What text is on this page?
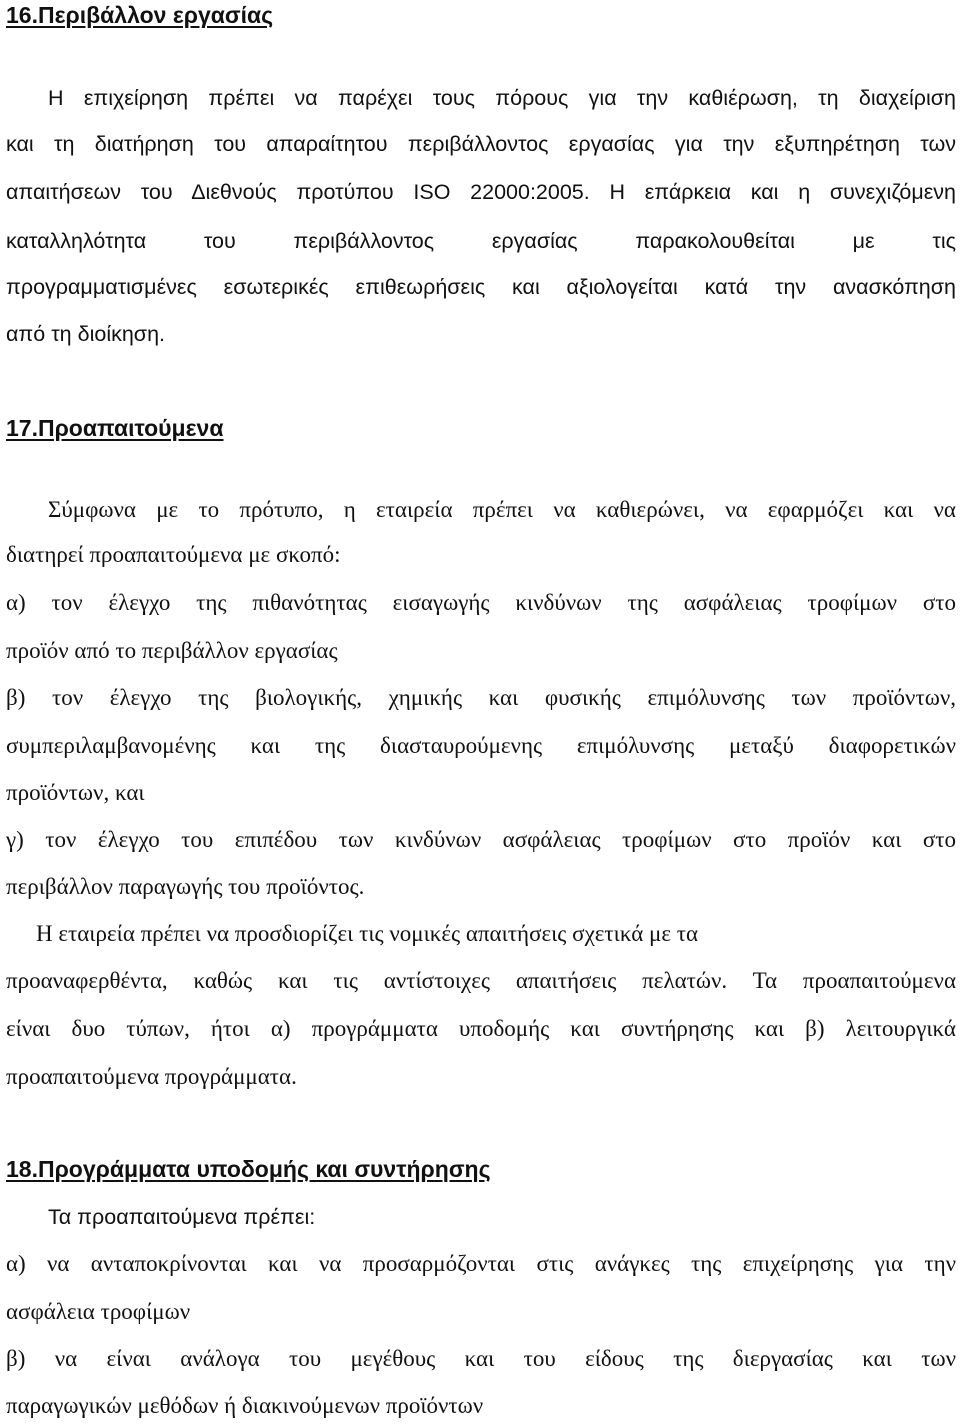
16.Περιβάλλον εργασίας
Η επιχείρηση πρέπει να παρέχει τους πόρους για την καθιέρωση, τη διαχείριση
και τη διατήρηση του απαραίτητου περιβάλλοντος εργασίας για την εξυπηρέτηση των
απαιτήσεων του Διεθνούς προτύπου ISO 22000:2005. Η επάρκεια και η συνεχιζόμενη
καταλληλότητα	του	περιβάλλοντος	εργασίας	παρακολουθείται	με	τις
προγραμματισμένες εσωτερικές επιθεωρήσεις και αξιολογείται κατά την ανασκόπηση
από τη διοίκηση.
17.Προαπαιτούμενα
Σύμφωνα με το πρότυπο, η εταιρεία πρέπει να καθιερώνει, να εφαρμόζει και να
διατηρεί προαπαιτούμενα με σκοπό:
α) τον έλεγχο της πιθανότητας εισαγωγής κινδύνων της ασφάλειας τροφίμων στο
προϊόν από το περιβάλλον εργασίας
β) τον έλεγχο της βιολογικής, χημικής και φυσικής επιμόλυνσης των προϊόντων,
συμπεριλαμβανομένης και της διασταυρούμενης επιμόλυνσης μεταξύ διαφορετικών
προϊόντων, και
γ) τον έλεγχο του επιπέδου των κινδύνων ασφάλειας τροφίμων στο προϊόν και στο
περιβάλλον παραγωγής του προϊόντος.
Η εταιρεία πρέπει να προσδιορίζει τις νομικές απαιτήσεις σχετικά με τα
προαναφερθέντα, καθώς και τις αντίστοιχες απαιτήσεις πελατών. Τα προαπαιτούμενα
είναι δυο τύπων, ήτοι α) προγράμματα υποδομής και συντήρησης και β) λειτουργικά
προαπαιτούμενα προγράμματα.
18.Προγράμματα υποδομής και συντήρησης
Τα προαπαιτούμενα πρέπει:
α) να ανταποκρίνονται και να προσαρμόζονται στις ανάγκες της επιχείρησης για την
ασφάλεια τροφίμων
β) να είναι ανάλογα του μεγέθους και του είδους της διεργασίας και των
παραγωγικών μεθόδων ή διακινούμενων προϊόντων
